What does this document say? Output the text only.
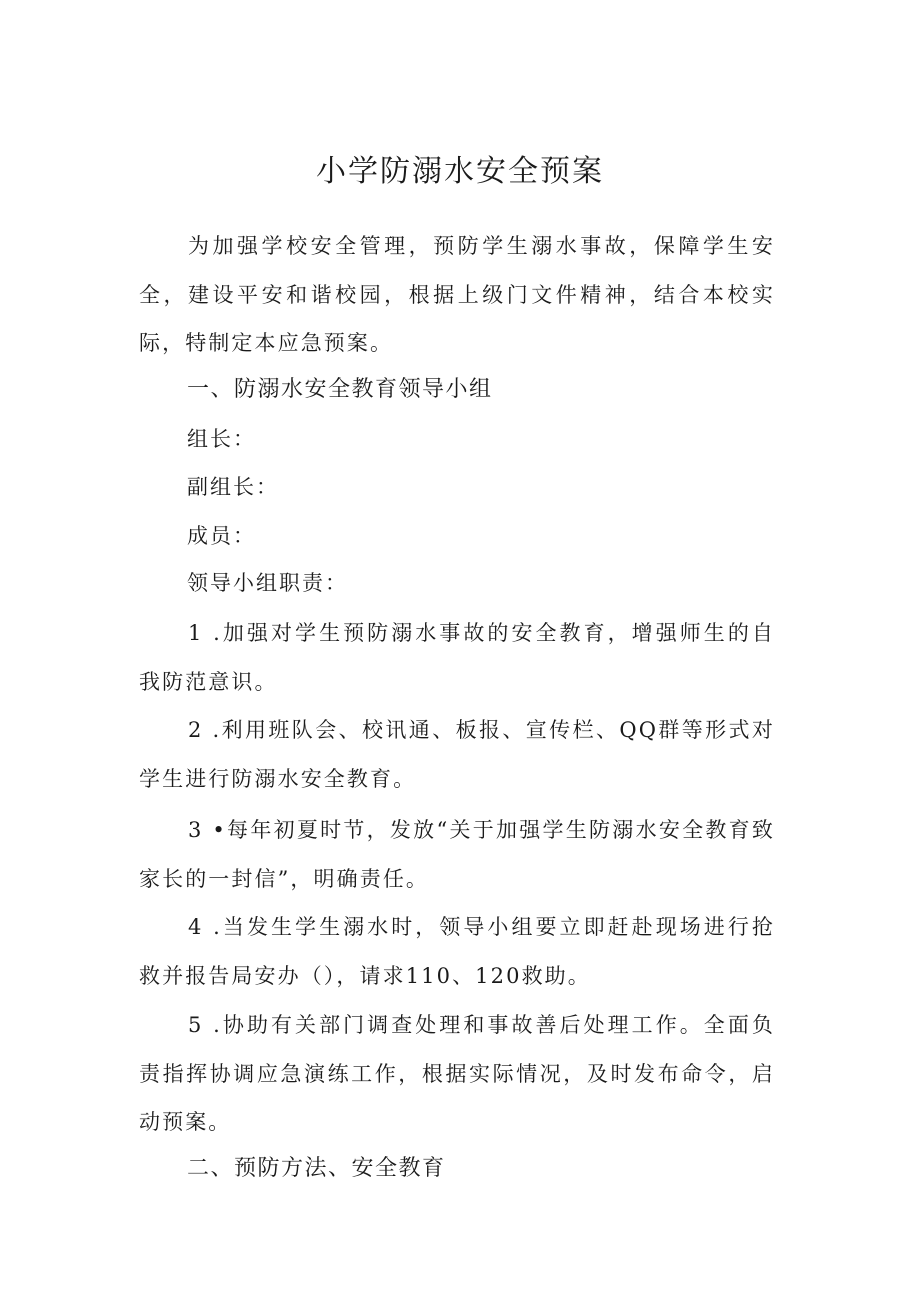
小学防溺水安全预案

为加强学校安全管理，预防学生溺水事故，保障学生安全，建设平安和谐校园，根据上级门文件精神，结合本校实际，特制定本应急预案。

一、防溺水安全教育领导小组
组长：
副组长：
成员：
领导小组职责：

1 .加强对学生预防溺水事故的安全教育，增强师生的自我防范意识。

2 .利用班队会、校讯通、板报、宣传栏、QQ群等形式对学生进行防溺水安全教育。

3 •每年初夏时节，发放“关于加强学生防溺水安全教育致家长的一封信”，明确责任。

4 .当发生学生溺水时，领导小组要立即赶赴现场进行抢救并报告局安办（），请求110、120救助。

5 .协助有关部门调查处理和事故善后处理工作。全面负责指挥协调应急演练工作，根据实际情况，及时发布命令，启动预案。

二、预防方法、安全教育
